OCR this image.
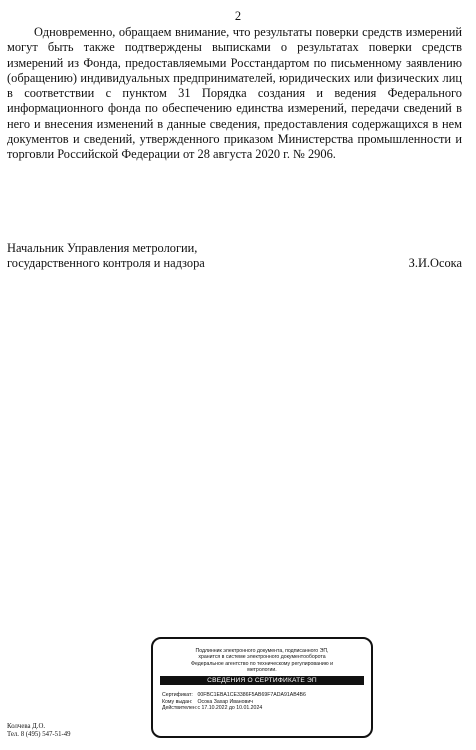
2
Одновременно, обращаем внимание, что результаты поверки средств измерений могут быть также подтверждены выписками о результатах поверки средств измерений из Фонда, предоставляемыми Росстандартом по письменному заявлению (обращению) индивидуальных предпринимателей, юридических или физических лиц в соответствии с пунктом 31 Порядка создания и ведения Федерального информационного фонда по обеспечению единства измерений, передачи сведений в него и внесения изменений в данные сведения, предоставления содержащихся в нем документов и сведений, утвержденного приказом Министерства промышленности и торговли Российской Федерации от 28 августа 2020 г. № 2906.
Начальник Управления метрологии,
государственного контроля и надзора	З.И.Осока
Подлинник электронного документа, подписанного ЭП,
хранится в системе электронного документооборота
Федеральное агентство по техническому регулированию и
метрологии.
СВЕДЕНИЯ О СЕРТИФИКАТЕ ЭП
Сертификат: 00FBC1EBA1CE3386F5AB69F7ADA91AB4B6
Кому выдан: Осока Захар Иванович
Действителен: с 17.10.2022 до 10.01.2024
Колчева Д.О.
Тел. 8 (495) 547-51-49
